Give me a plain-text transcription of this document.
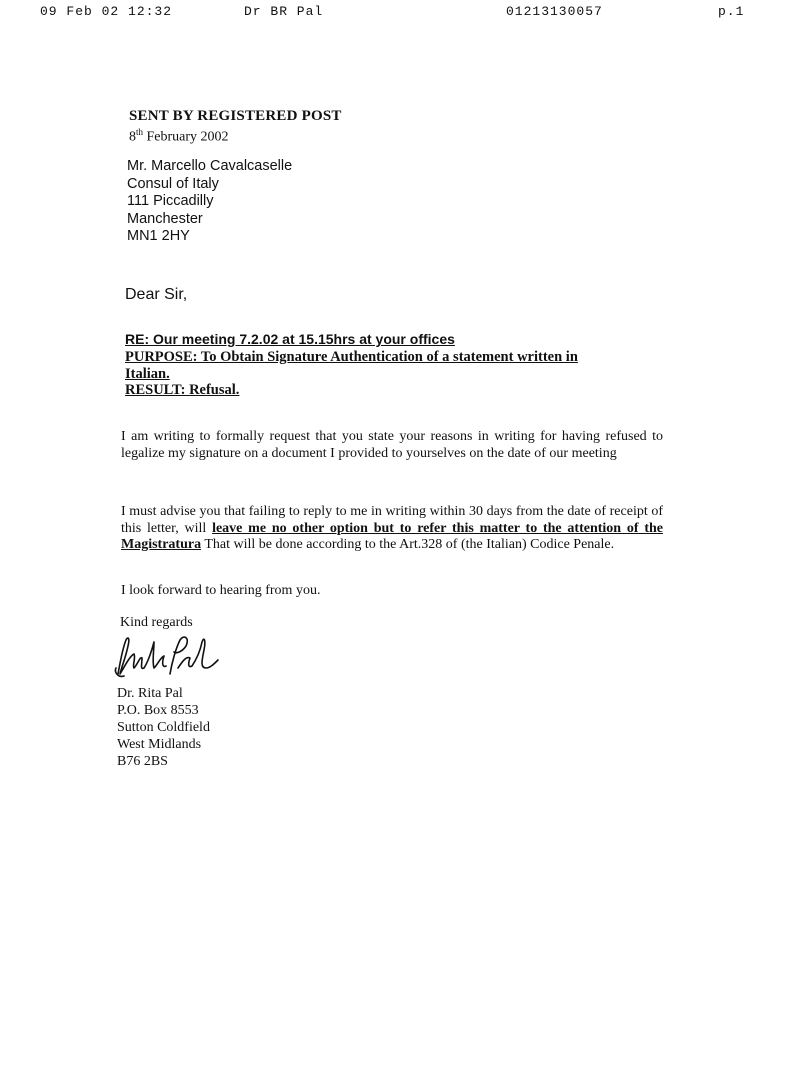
09 Feb 02 12:32	Dr BR Pal	01213130057	p.1
SENT BY REGISTERED POST
8th February 2002
Mr. Marcello Cavalcaselle
Consul of Italy
111 Piccadilly
Manchester
MN1 2HY
Dear Sir,
RE: Our meeting 7.2.02 at 15.15hrs at your offices
PURPOSE: To Obtain Signature Authentication of a statement written in Italian.
RESULT: Refusal.
I am writing to formally request that you state your reasons in writing for having refused to legalize my signature on a document I provided to yourselves on the date of our meeting
I must advise you that failing to reply to me in writing within 30 days from the date of receipt of this letter, will leave me no other option but to refer this matter to the attention of the Magistratura That will be done according to the Art.328 of (the Italian) Codice Penale.
I look forward to hearing from you.
Kind regards
Dr. Rita Pal
P.O. Box 8553
Sutton Coldfield
West Midlands
B76 2BS
